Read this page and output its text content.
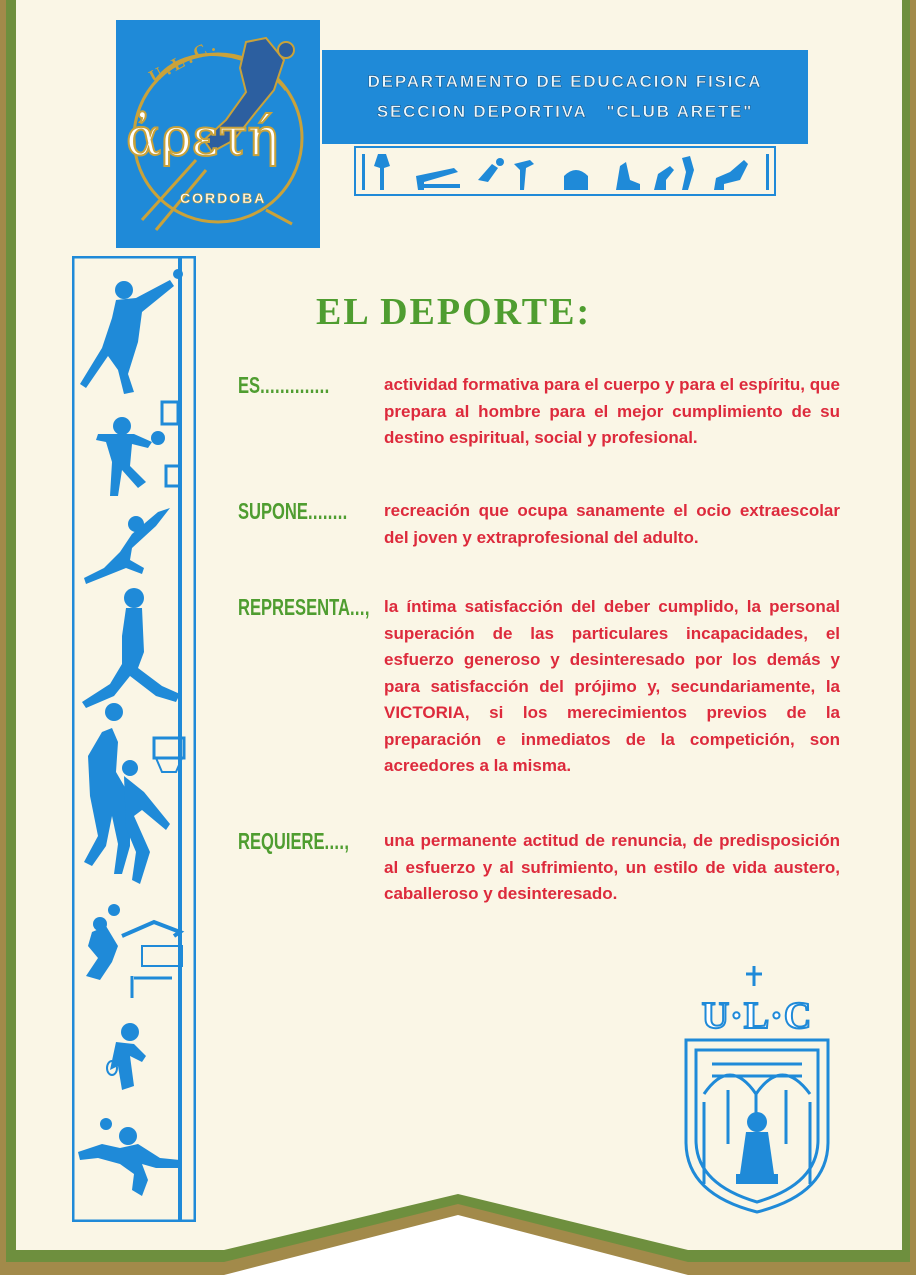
U.L.C.
ἀρετή
CORDOBA
DEPARTAMENTO DE EDUCACION FISICA
SECCION DEPORTIVA   "CLUB ARETE"
EL DEPORTE:
ES..............	actividad formativa para el cuerpo y para el espíritu, que prepara al hombre para el mejor cumplimiento de su destino espiritual, social y profesional.

SUPONE........ recreación que ocupa sanamente el ocio extraescolar del joven y extraprofesional del adulto.

REPRESENTA..., la íntima satisfacción del deber cumplido, la personal superación de las particulares incapacidades, el esfuerzo generoso y desinteresado por los demás y para satisfacción del prójimo y, secundariamente, la VICTORIA, si los merecimientos previos de la preparación e inmediatos de la competición, son acreedores a la misma.

REQUIERE...., una permanente actitud de renuncia, de predisposición al esfuerzo y al sufrimiento, un estilo de vida austero, caballeroso y desinteresado.

U·L·C
